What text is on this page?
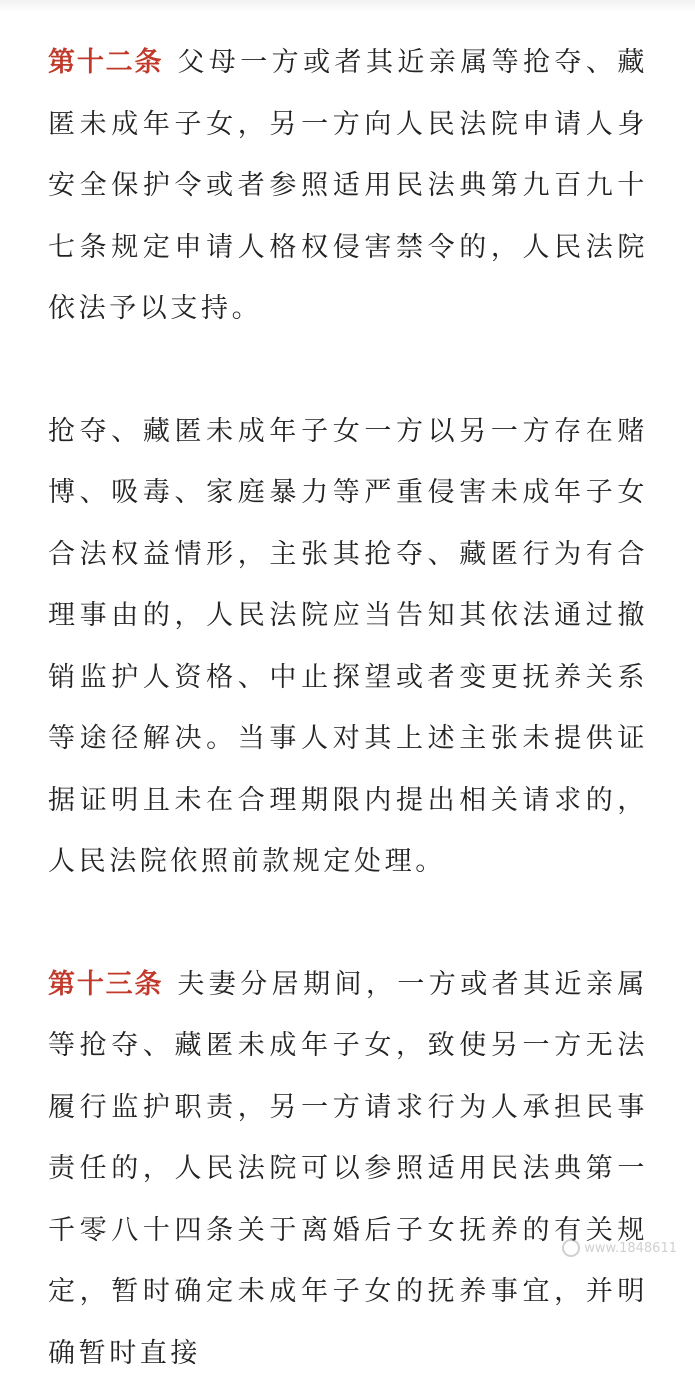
第十二条 父母一方或者其近亲属等抢夺、藏匿未成年子女，另一方向人民法院申请人身安全保护令或者参照适用民法典第九百九十七条规定申请人格权侵害禁令的，人民法院依法予以支持。

抢夺、藏匿未成年子女一方以另一方存在赌博、吸毒、家庭暴力等严重侵害未成年子女合法权益情形，主张其抢夺、藏匿行为有合理事由的，人民法院应当告知其依法通过撤销监护人资格、中止探望或者变更抚养关系等途径解决。当事人对其上述主张未提供证据证明且未在合理期限内提出相关请求的，人民法院依照前款规定处理。

第十三条 夫妻分居期间，一方或者其近亲属等抢夺、藏匿未成年子女，致使另一方无法履行监护职责，另一方请求行为人承担民事责任的，人民法院可以参照适用民法典第一千零八十四条关于离婚后子女抚养的有关规定，暂时确定未成年子女的抚养事宜，并明确暂时直接

www.1848611
